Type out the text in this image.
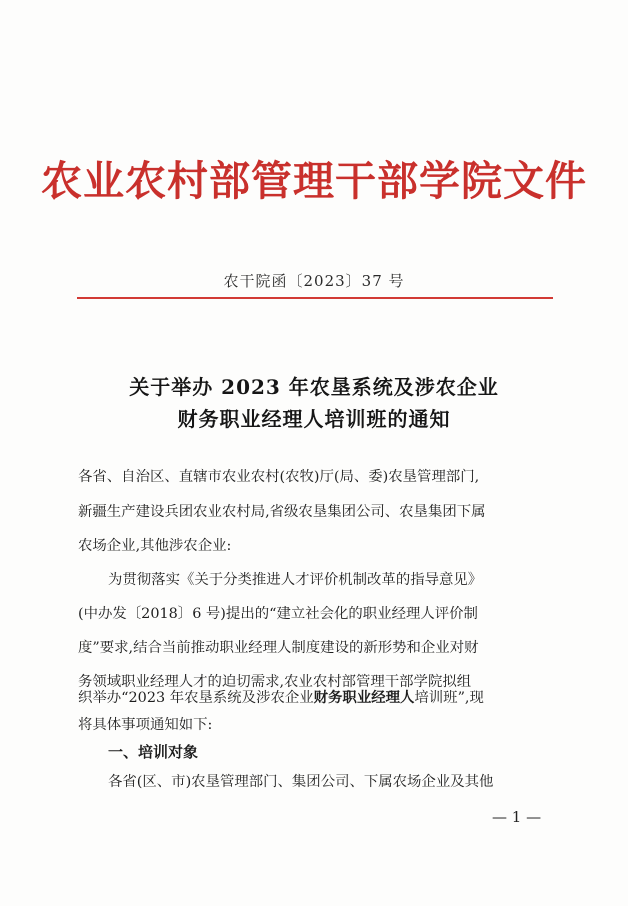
农业农村部管理干部学院文件
农干院函〔2023〕37 号
关于举办 2023 年农垦系统及涉农企业
财务职业经理人培训班的通知
各省、自治区、直辖市农业农村(农牧)厅(局、委)农垦管理部门,
新疆生产建设兵团农业农村局,省级农垦集团公司、农垦集团下属
农场企业,其他涉农企业:
为贯彻落实《关于分类推进人才评价机制改革的指导意见》
(中办发〔2018〕6 号)提出的“建立社会化的职业经理人评价制
度”要求,结合当前推动职业经理人制度建设的新形势和企业对财
务领域职业经理人才的迫切需求,农业农村部管理干部学院拟组
织举办“2023 年农垦系统及涉农企业财务职业经理人培训班”,现
将具体事项通知如下:
一、培训对象
各省(区、市)农垦管理部门、集团公司、下属农场企业及其他
— 1 —
